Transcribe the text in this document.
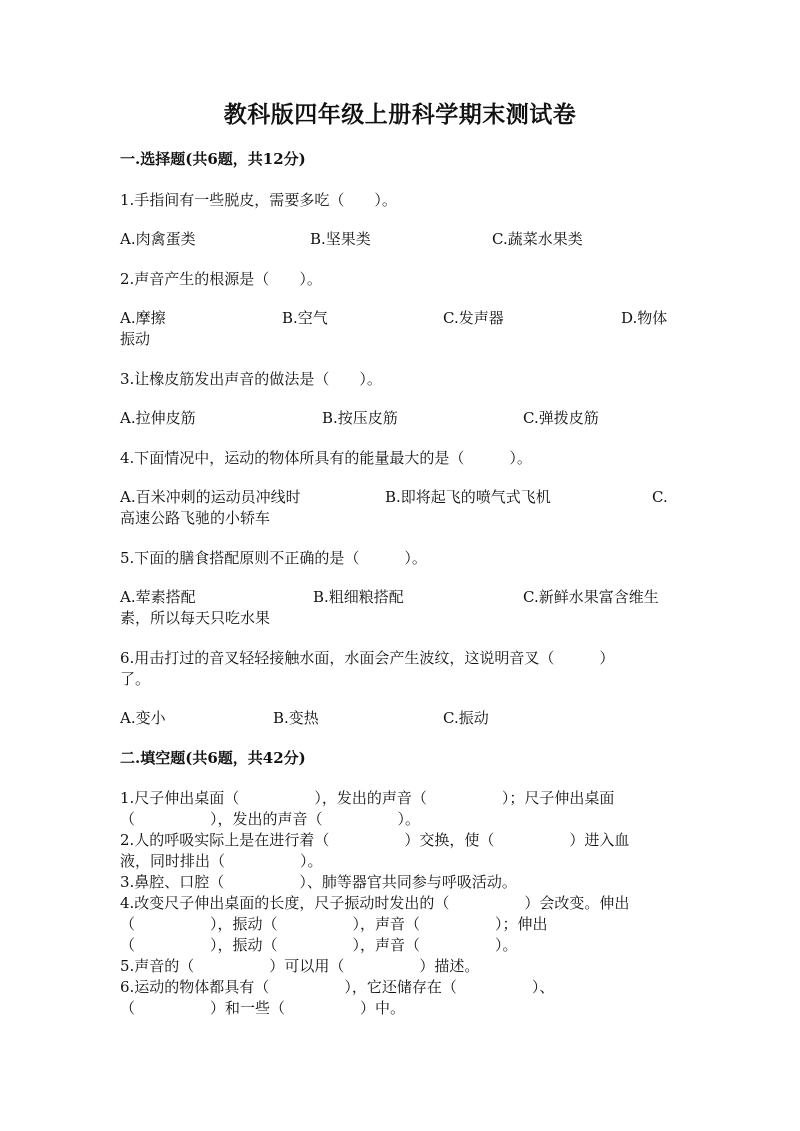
教科版四年级上册科学期末测试卷
一.选择题(共6题，共12分)
1.手指间有一些脱皮，需要多吃（　　）。
A.肉禽蛋类	B.坚果类	C.蔬菜水果类
2.声音产生的根源是（　　）。
A.摩擦	B.空气	C.发声器	D.物体
振动
3.让橡皮筋发出声音的做法是（　　）。
A.拉伸皮筋	B.按压皮筋	C.弹拨皮筋
4.下面情况中，运动的物体所具有的能量最大的是（　　　）。
A.百米冲刺的运动员冲线时	B.即将起飞的喷气式飞机	C.
高速公路飞驰的小轿车
5.下面的膳食搭配原则不正确的是（　　　）。
A.荤素搭配	B.粗细粮搭配	C.新鲜水果富含维生
素，所以每天只吃水果
6.用击打过的音叉轻轻接触水面，水面会产生波纹，这说明音叉（　　　）
了。
A.变小	B.变热	C.振动
二.填空题(共6题，共42分)
1.尺子伸出桌面（　　　　　），发出的声音（　　　　　）；尺子伸出桌面
（　　　　　），发出的声音（　　　　　）。
2.人的呼吸实际上是在进行着（　　　　　）交换，使（　　　　　）进入血
液，同时排出（　　　　　）。
3.鼻腔、口腔（　　　　　）、肺等器官共同参与呼吸活动。
4.改变尺子伸出桌面的长度，尺子振动时发出的（　　　　　）会改变。伸出
（　　　　　），振动（　　　　　），声音（　　　　　）；伸出
（　　　　　），振动（　　　　　），声音（　　　　　）。
5.声音的（　　　　　）可以用（　　　　　）描述。
6.运动的物体都具有（　　　　　），它还储存在（　　　　　）、
（　　　　　）和一些（　　　　　）中。
